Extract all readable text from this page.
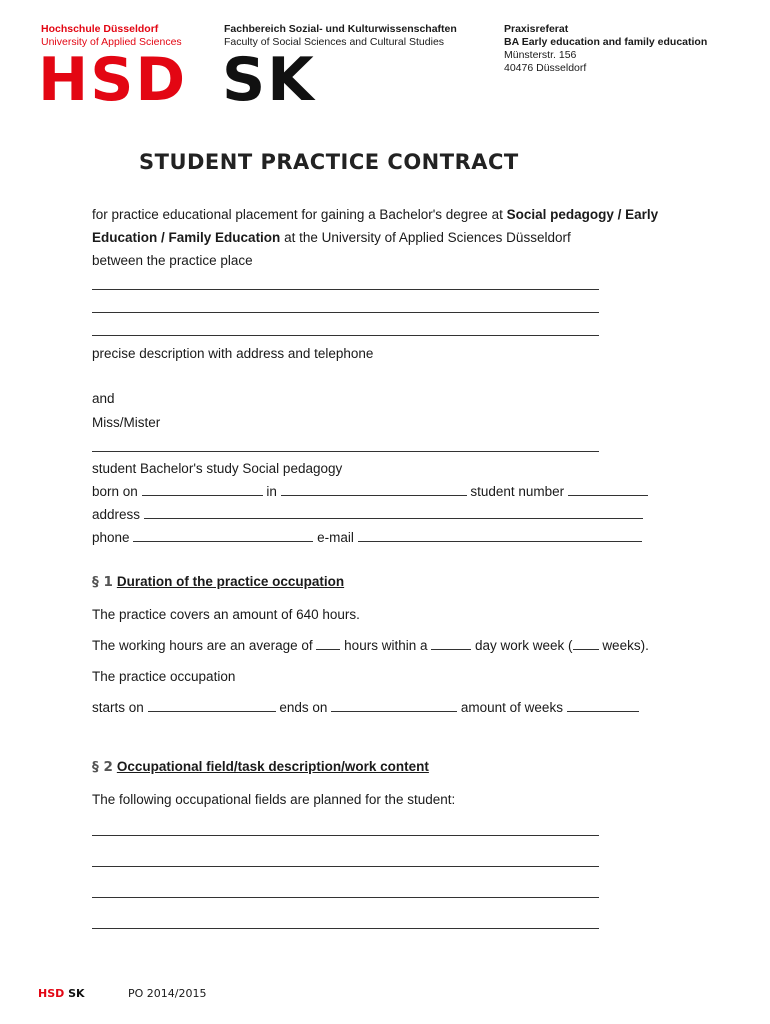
Hochschule Düsseldorf
University of Applied Sciences
Fachbereich Sozial- und Kulturwissenschaften
Faculty of Social Sciences and Cultural Studies
Praxisreferat
BA Early education and family education
Münsterstr. 156
40476 Düsseldorf
HSD SK
STUDENT PRACTICE CONTRACT
for practice educational placement for gaining a Bachelor's degree at Social pedagogy / Early
Education / Family Education at the University of Applied Sciences Düsseldorf
between the practice place
precise description with address and telephone
and
Miss/Mister
student Bachelor's study Social pedagogy
born on	in	student number
address
phone	e-mail
§ 1 Duration of the practice occupation
The practice covers an amount of 640 hours.
The working hours are an average of hours within a	day work week ( weeks).
The practice occupation
starts on	ends on	amount of weeks
§ 2 Occupational field/task description/work content
The following occupational fields are planned for the student:
HSD SK	PO 2014/2015
